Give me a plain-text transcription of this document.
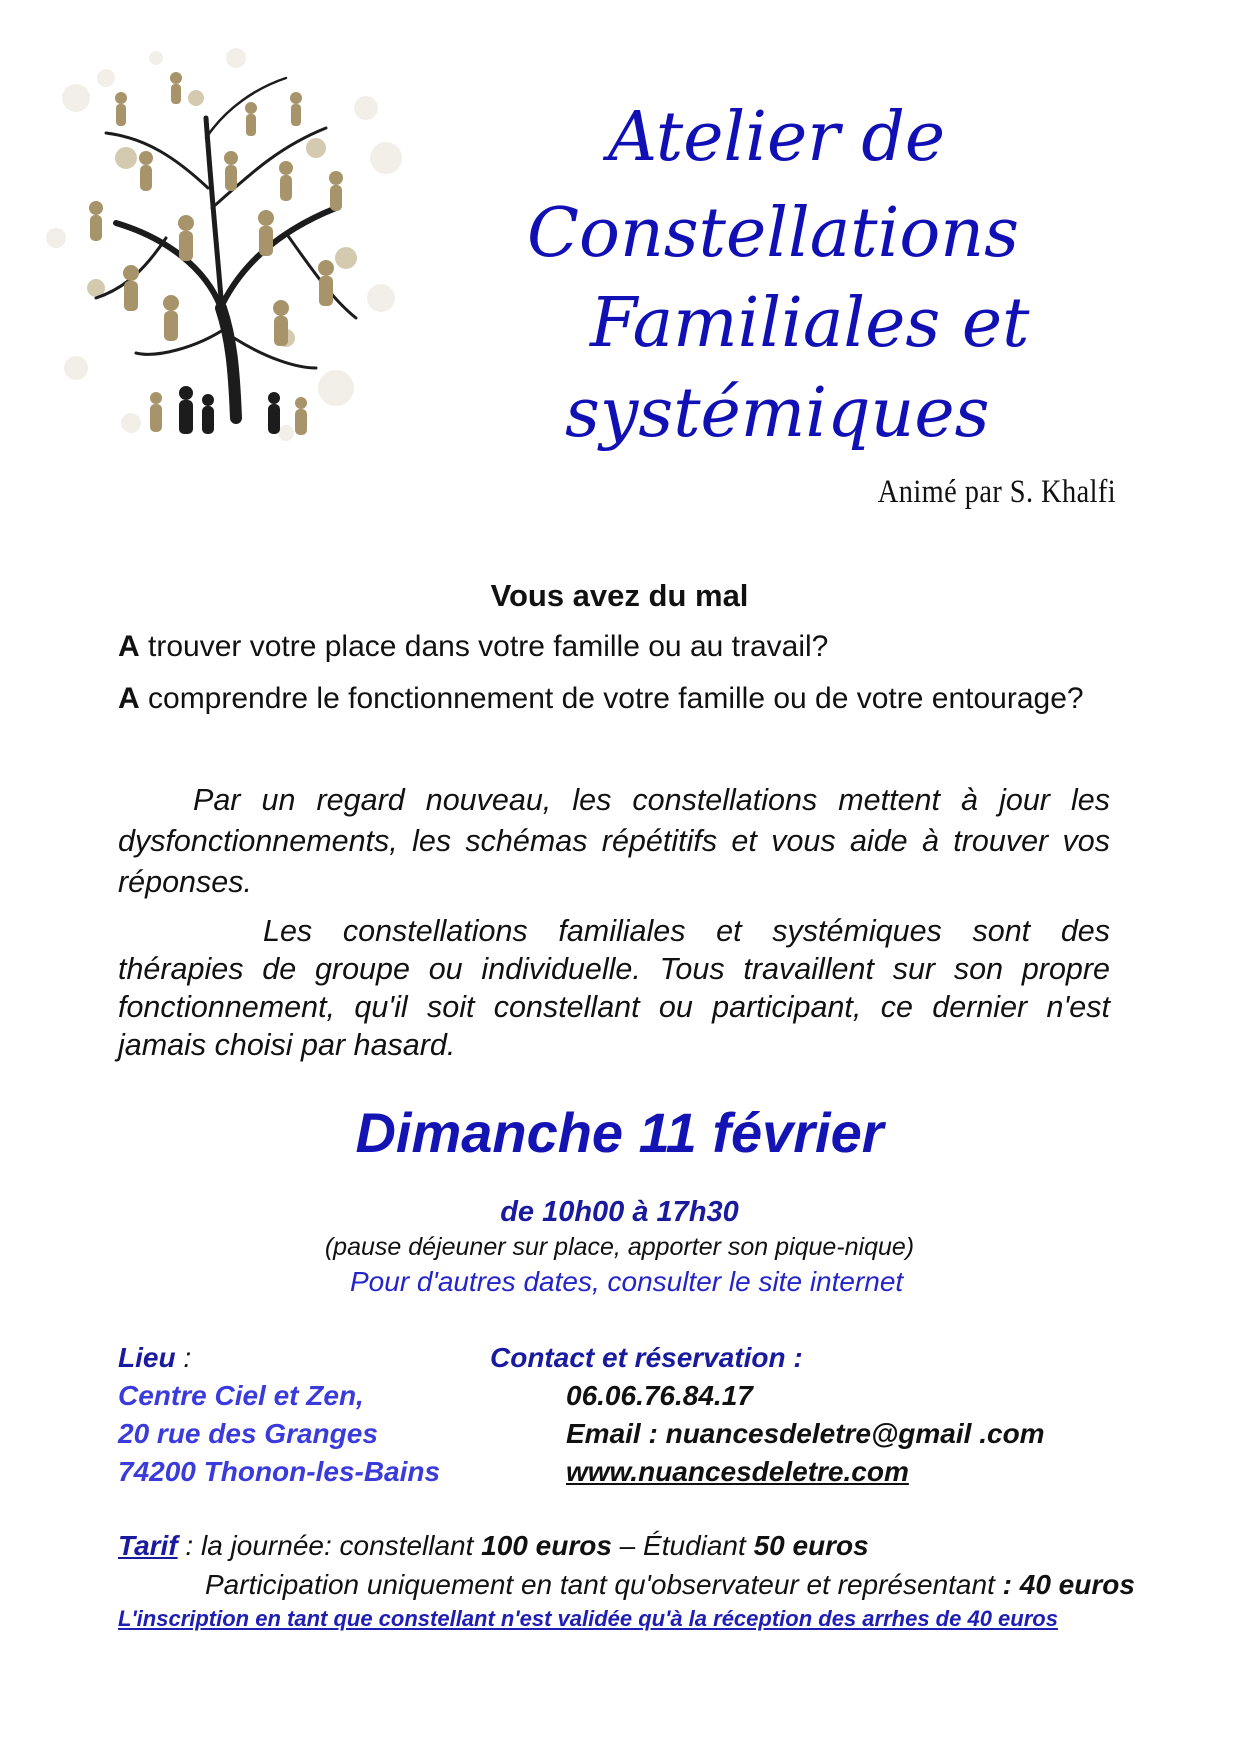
Atelier de
Constellations
Familiales et
systémiques
Animé par S. Khalfi
Vous avez du mal
A trouver votre place dans votre famille ou au travail?
A comprendre le fonctionnement de votre famille ou de votre entourage?
Par un regard nouveau, les constellations mettent à jour les dysfonctionnements, les schémas répétitifs et vous aide à trouver vos réponses.
Les constellations familiales et systémiques sont des thérapies de groupe ou individuelle. Tous travaillent sur son propre fonctionnement, qu'il soit constellant ou participant, ce dernier n'est jamais choisi par hasard.
Dimanche 11 février
de 10h00 à 17h30
(pause déjeuner sur place, apporter son pique-nique)
Pour d'autres dates, consulter le site internet
Lieu :
Centre Ciel et Zen,
20 rue des Granges
74200 Thonon-les-Bains
Contact et réservation :
06.06.76.84.17
Email : nuancesdeletre@gmail .com
www.nuancesdeletre.com
Tarif : la journée: constellant 100 euros – Étudiant 50 euros
Participation uniquement en tant qu'observateur et représentant : 40 euros
L'inscription en tant que constellant n'est validée qu'à la réception des arrhes de 40 euros
